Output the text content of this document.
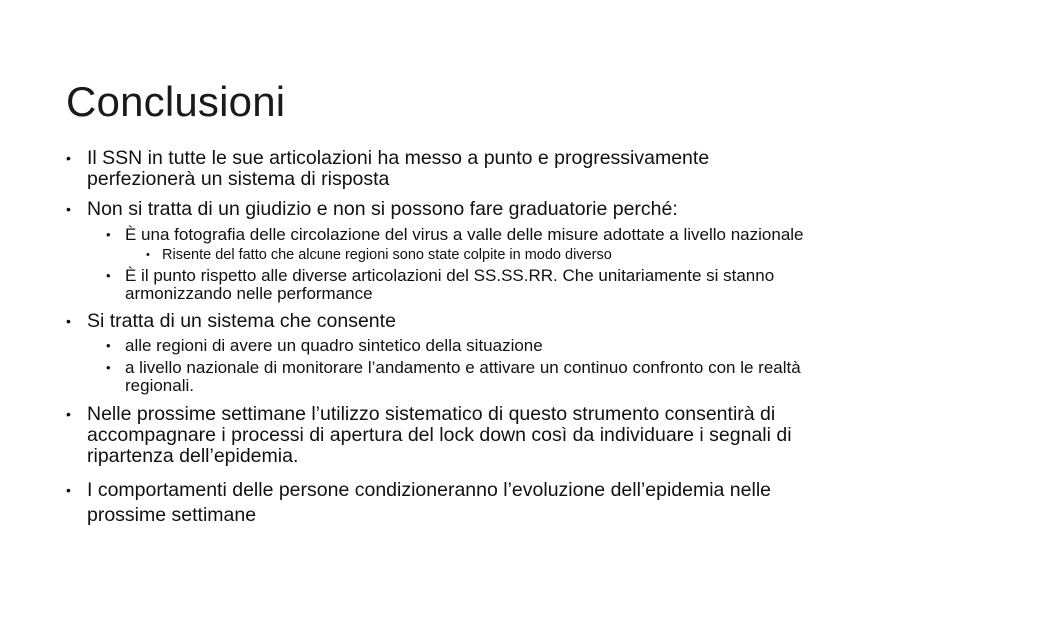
Conclusioni

• Il SSN in tutte le sue articolazioni ha messo a punto e progressivamente perfezionerà un sistema di risposta

• Non si tratta di un giudizio e non si possono fare graduatorie perché:

• È una fotografia delle circolazione del virus a valle delle misure adottate a livello nazionale

• Risente del fatto che alcune regioni sono state colpite in modo diverso

• È il punto rispetto alle diverse articolazioni del SS.SS.RR. Che unitariamente si stanno armonizzando nelle performance

• Si tratta di un sistema che consente

• alle regioni di avere un quadro sintetico della situazione

• a livello nazionale di monitorare l’andamento e attivare un continuo confronto con le realtà regionali.

• Nelle prossime settimane l’utilizzo sistematico di questo strumento consentirà di accompagnare i processi di apertura del lock down così da individuare i segnali di ripartenza dell’epidemia.

• I comportamenti delle persone condizioneranno l’evoluzione dell’epidemia nelle prossime settimane
